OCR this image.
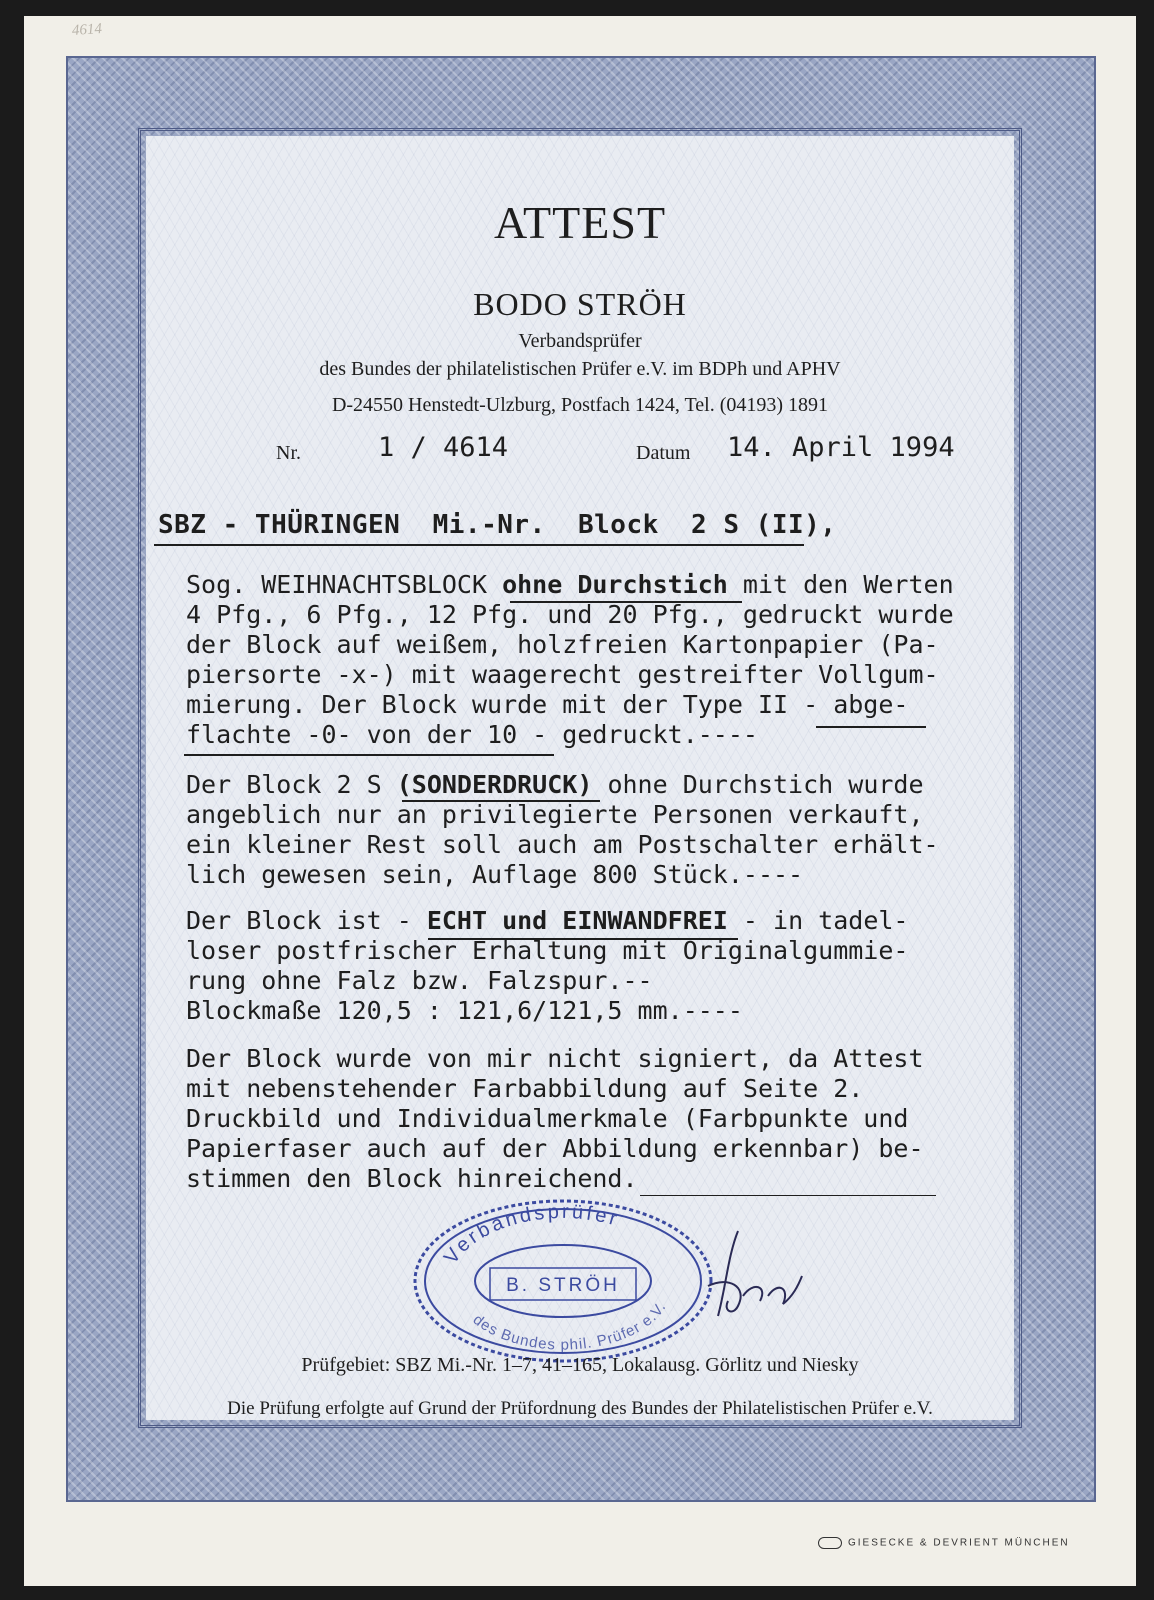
4614
ATTEST
BODO STRÖH
Verbandsprüfer
des Bundes der philatelistischen Prüfer e.V. im BDPh und APHV
D-24550 Henstedt-Ulzburg, Postfach 1424, Tel. (04193) 1891
Nr.	1 / 4614	Datum 14. April 1994
SBZ - THÜRINGEN  Mi.-Nr.  Block  2 S (II),
Sog. WEIHNACHTSBLOCK ohne Durchstich mit den Werten
4 Pfg., 6 Pfg., 12 Pfg. und 20 Pfg., gedruckt wurde
der Block auf weißem, holzfreien Kartonpapier (Pa-
piersorte -x-) mit waagerecht gestreifter Vollgum-
mierung. Der Block wurde mit der Type II - abge-
flachte -0- von der 10 - gedruckt.----
Der Block 2 S (SONDERDRUCK) ohne Durchstich wurde
angeblich nur an privilegierte Personen verkauft,
ein kleiner Rest soll auch am Postschalter erhält-
lich gewesen sein, Auflage 800 Stück.----
Der Block ist - ECHT und EINWANDFREI - in tadel-
loser postfrischer Erhaltung mit Originalgummie-
rung ohne Falz bzw. Falzspur.--
Blockmaße 120,5 : 121,6/121,5 mm.----
Der Block wurde von mir nicht signiert, da Attest
mit nebenstehender Farbabbildung auf Seite 2.
Druckbild und Individualmerkmale (Farbpunkte und
Papierfaser auch auf der Abbildung erkennbar) be-
stimmen den Block hinreichend.
Verbandsprüfer
des Bundes phil. Prüfer e.V.
B. STRÖH
Prüfgebiet: SBZ Mi.-Nr. 1–7, 41–165, Lokalausg. Görlitz und Niesky
Die Prüfung erfolgte auf Grund der Prüfordnung des Bundes der Philatelistischen Prüfer e.V.
GIESECKE & DEVRIENT MÜNCHEN
